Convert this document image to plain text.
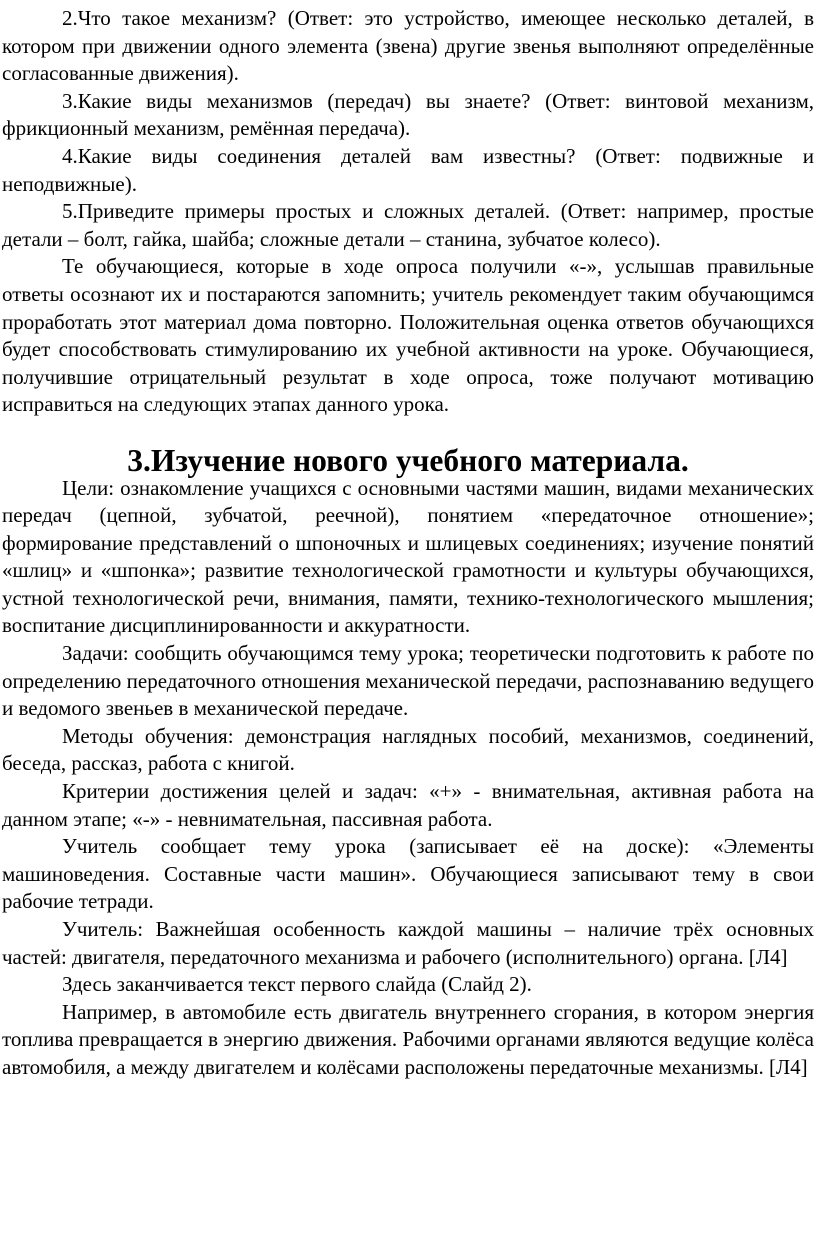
2.Что такое механизм? (Ответ: это устройство, имеющее несколько деталей, в котором при движении одного элемента (звена) другие звенья выполняют определённые согласованные движения).

3.Какие виды механизмов (передач) вы знаете? (Ответ: винтовой механизм, фрикционный механизм, ремённая передача).

4.Какие виды соединения деталей вам известны? (Ответ: подвижные и неподвижные).

5.Приведите примеры простых и сложных деталей. (Ответ: например, простые детали – болт, гайка, шайба; сложные детали – станина, зубчатое колесо).

Те обучающиеся, которые в ходе опроса получили «-», услышав правильные ответы осознают их и постараются запомнить; учитель рекомендует таким обучающимся проработать этот материал дома повторно. Положительная оценка ответов обучающихся будет способствовать стимулированию их учебной активности на уроке. Обучающиеся, получившие отрицательный результат в ходе опроса, тоже получают мотивацию исправиться на следующих этапах данного урока.

3.Изучение нового учебного материала.

Цели: ознакомление учащихся с основными частями машин, видами механических передач (цепной, зубчатой, реечной), понятием «передаточное отношение»; формирование представлений о шпоночных и шлицевых соединениях; изучение понятий «шлиц» и «шпонка»; развитие технологической грамотности и культуры обучающихся, устной технологической речи, внимания, памяти, технико-технологического мышления; воспитание дисциплинированности и аккуратности.

Задачи: сообщить обучающимся тему урока; теоретически подготовить к работе по определению передаточного отношения механической передачи, распознаванию ведущего и ведомого звеньев в механической передаче.

Методы обучения: демонстрация наглядных пособий, механизмов, соединений, беседа, рассказ, работа с книгой.

Критерии достижения целей и задач: «+» - внимательная, активная работа на данном этапе; «-» - невнимательная, пассивная работа.

Учитель сообщает тему урока (записывает её на доске): «Элементы машиноведения. Составные части машин». Обучающиеся записывают тему в свои рабочие тетради.

Учитель: Важнейшая особенность каждой машины – наличие трёх основных частей: двигателя, передаточного механизма и рабочего (исполнительного) органа. [Л4]

Здесь заканчивается текст первого слайда (Слайд 2).

Например, в автомобиле есть двигатель внутреннего сгорания, в котором энергия топлива превращается в энергию движения. Рабочими органами являются ведущие колёса автомобиля, а между двигателем и колёсами расположены передаточные механизмы. [Л4]
